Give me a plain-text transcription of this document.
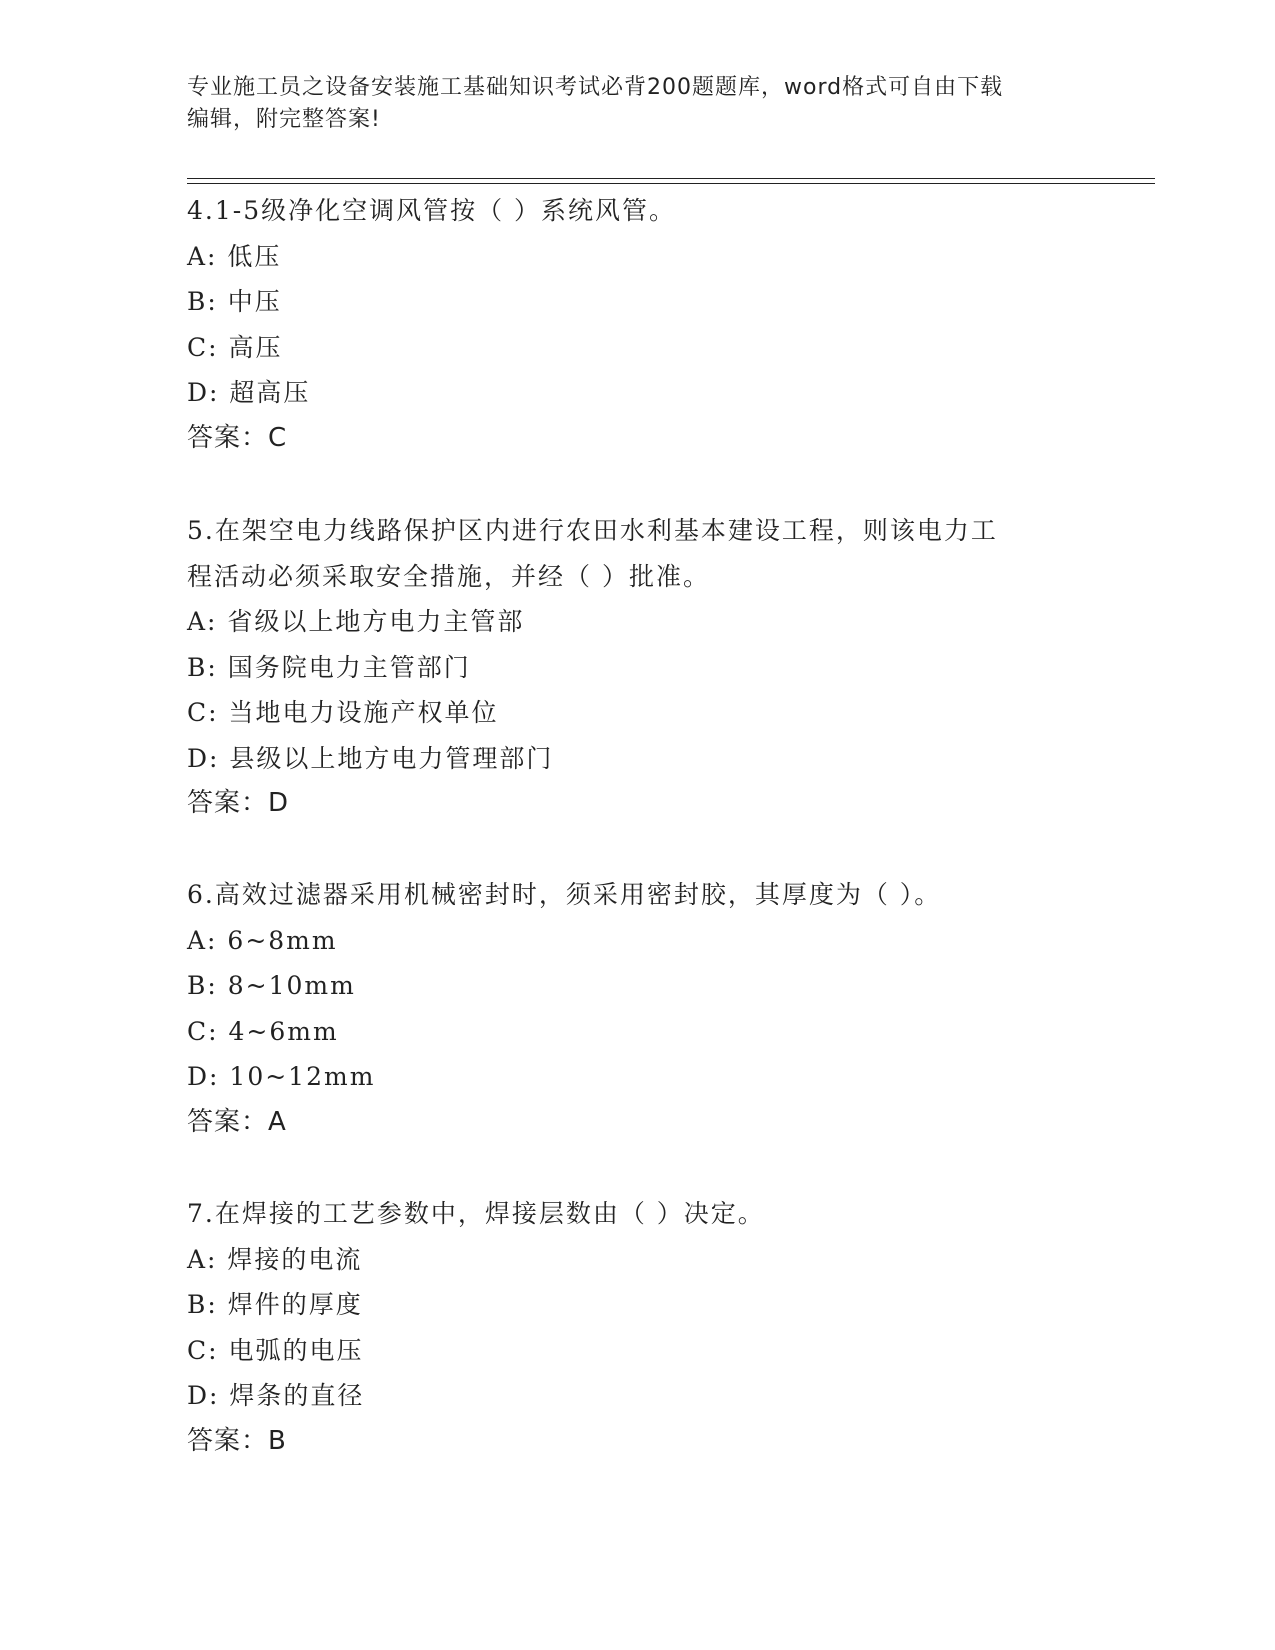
专业施工员之设备安装施工基础知识考试必背200题题库，word格式可自由下载
编辑，附完整答案!
4.1-5级净化空调风管按（ ）系统风管。
A: 低压
B: 中压
C: 高压
D: 超高压
答案：C
5.在架空电力线路保护区内进行农田水利基本建设工程，则该电力工
程活动必须采取安全措施，并经（ ）批准。
A: 省级以上地方电力主管部
B: 国务院电力主管部门
C: 当地电力设施产权单位
D: 县级以上地方电力管理部门
答案：D
6.高效过滤器采用机械密封时，须采用密封胶，其厚度为（ ）。
A: 6~8mm
B: 8~10mm
C: 4~6mm
D: 10~12mm
答案：A
7.在焊接的工艺参数中，焊接层数由（ ）决定。
A: 焊接的电流
B: 焊件的厚度
C: 电弧的电压
D: 焊条的直径
答案：B
